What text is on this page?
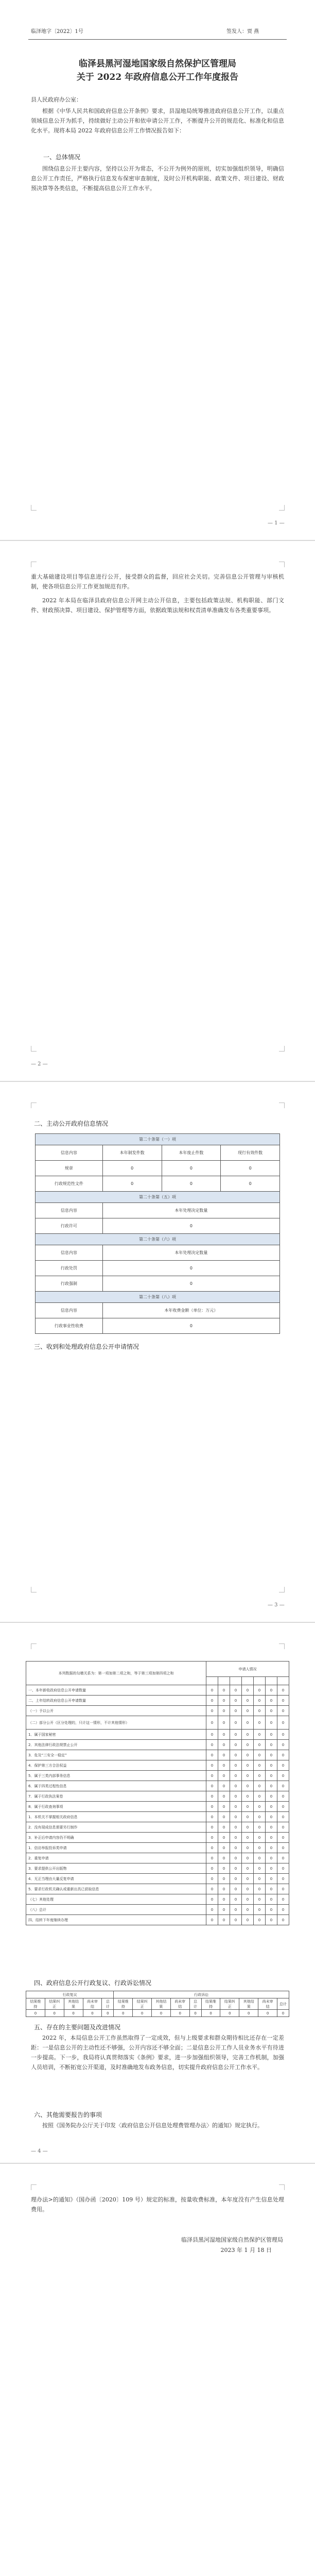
临泽地字〔2022〕1号	签发人：贾 燕

临泽县黑河湿地国家级自然保护区管理局

关于 2022 年政府信息公开工作年度报告

县人民政府办公室：

根据《中华人民共和国政府信息公开条例》要求，县湿地局统筹推进政府信息公开工作，以重点领域信息公开为抓手，持续做好主动公开和依申请公开工作，不断提升公开的规范化、标准化和信息化水平。现将本局 2022 年政府信息公开工作情况报告如下：

一、总体情况

围绕信息公开主要内容，坚持以公开为常态，不公开为例外的原则，切实加强组织领导，明确信息公开工作责任，严格执行信息发布保密审查制度，及时公开机构职能、政策文件、项目建设、财政预决算等各类信息，不断提高信息公开工作水平。

— 1 —

重大基础建设项目等信息进行公开，接受群众的监督，回应社会关切。完善信息公开管理与审核机制，使各项信息公开工作更加规范有序。

2022 年本局在临泽县政府信息公开网主动公开信息，主要包括政策法规、机构职能、部门文件、财政预决算、项目建设、保护管理等方面，依据政策法规和权责清单准确发布各类重要事项。

— 2 —

二、主动公开政府信息情况

第二十条第（一）项			
信息内容	本年制发件数	本年废止件数	现行有效件数
规章	0	0	0
行政规范性文件	0	0	0
第二十条第（五）项			
信息内容	本年处理决定数量		
行政许可	0		
第二十条第（六）项			
信息内容	本年处理决定数量		
行政处罚	0		
行政强制	0		
第二十条第（八）项			
信息内容	本年收费金额（单位：万元）		
行政事业性收费	0		

三、收到和处理政府信息公开申请情况

— 3 —
本列数据的勾稽关系为：第一项加第二项之和，等于第三项加第四项之和	申请人情况						

一、本年新收政府信息公开申请数量	0	0	0	0	0	0	0
二、上年结转政府信息公开申请数量	0	0	0	0	0	0	0
（一）予以公开	0	0	0	0	0	0	0
（二）部分公开（区分处理的，只计这一情形，不计其他情形）	0	0	0	0	0	0	0
1．属于国家秘密	0	0	0	0	0	0	0
2．其他法律行政法规禁止公开	0	0	0	0	0	0	0
3．危及“三安全一稳定”	0	0	0	0	0	0	0
4．保护第三方合法权益	0	0	0	0	0	0	0
5．属于三类内部事务信息	0	0	0	0	0	0	0
6．属于四类过程性信息	0	0	0	0	0	0	0
7．属于行政执法案卷	0	0	0	0	0	0	0
8．属于行政查询事项	0	0	0	0	0	0	0
1．本机关不掌握相关政府信息	0	0	0	0	0	0	0
2．没有现成信息需要另行制作	0	0	0	0	0	0	0
3．补正后申请内容仍不明确	0	0	0	0	0	0	0
1．信访举报投诉类申请	0	0	0	0	0	0	0
2．重复申请	0	0	0	0	0	0	0
3．要求提供公开出版物	0	0	0	0	0	0	0
4．无正当理由大量反复申请	0	0	0	0	0	0	0
5．要求行政机关确认或重新出具已获取信息	0	0	0	0	0	0	0
（七）其他处理	0	0	0	0	0	0	0
（八）总计	0	0	0	0	0	0	0
四、结转下年度继续办理	0	0	0	0	0	0	0

四、政府信息公开行政复议、行政诉讼情况

行政复议					行政诉讼									
结果维持	结果纠正	其他结果	尚未审结	总计	结果维持	结果纠正	其他结果	尚未审结	总计	结果维持	结果纠正	其他结果	尚未审结	总计
0	0	0	0	0	0	0	0	0	0	0	0	0	0	0

五、存在的主要问题及改进情况

2022 年，本局信息公开工作虽然取得了一定成效，但与上级要求和群众期待相比还存在一定差距：一是信息公开的主动性还不够强，公开内容还不够全面；二是信息公开工作人员业务水平有待进一步提高。下一步，我局将认真贯彻落实《条例》要求，进一步加强组织领导，完善工作机制，加强人员培训，不断拓宽公开渠道，及时准确地发布政务信息，切实提升政府信息公开工作水平。

六、其他需要报告的事项

按照《国务院办公厅关于印发〈政府信息公开信息处理费管理办法〉的通知》规定执行。

— 4 —

理办法>的通知》（国办函〔2020〕109 号）规定的标准，按量收费标准，本年度没有产生信息处理费用。

临泽县黑河湿地国家级自然保护区管理局

2023 年 1 月 18 日
